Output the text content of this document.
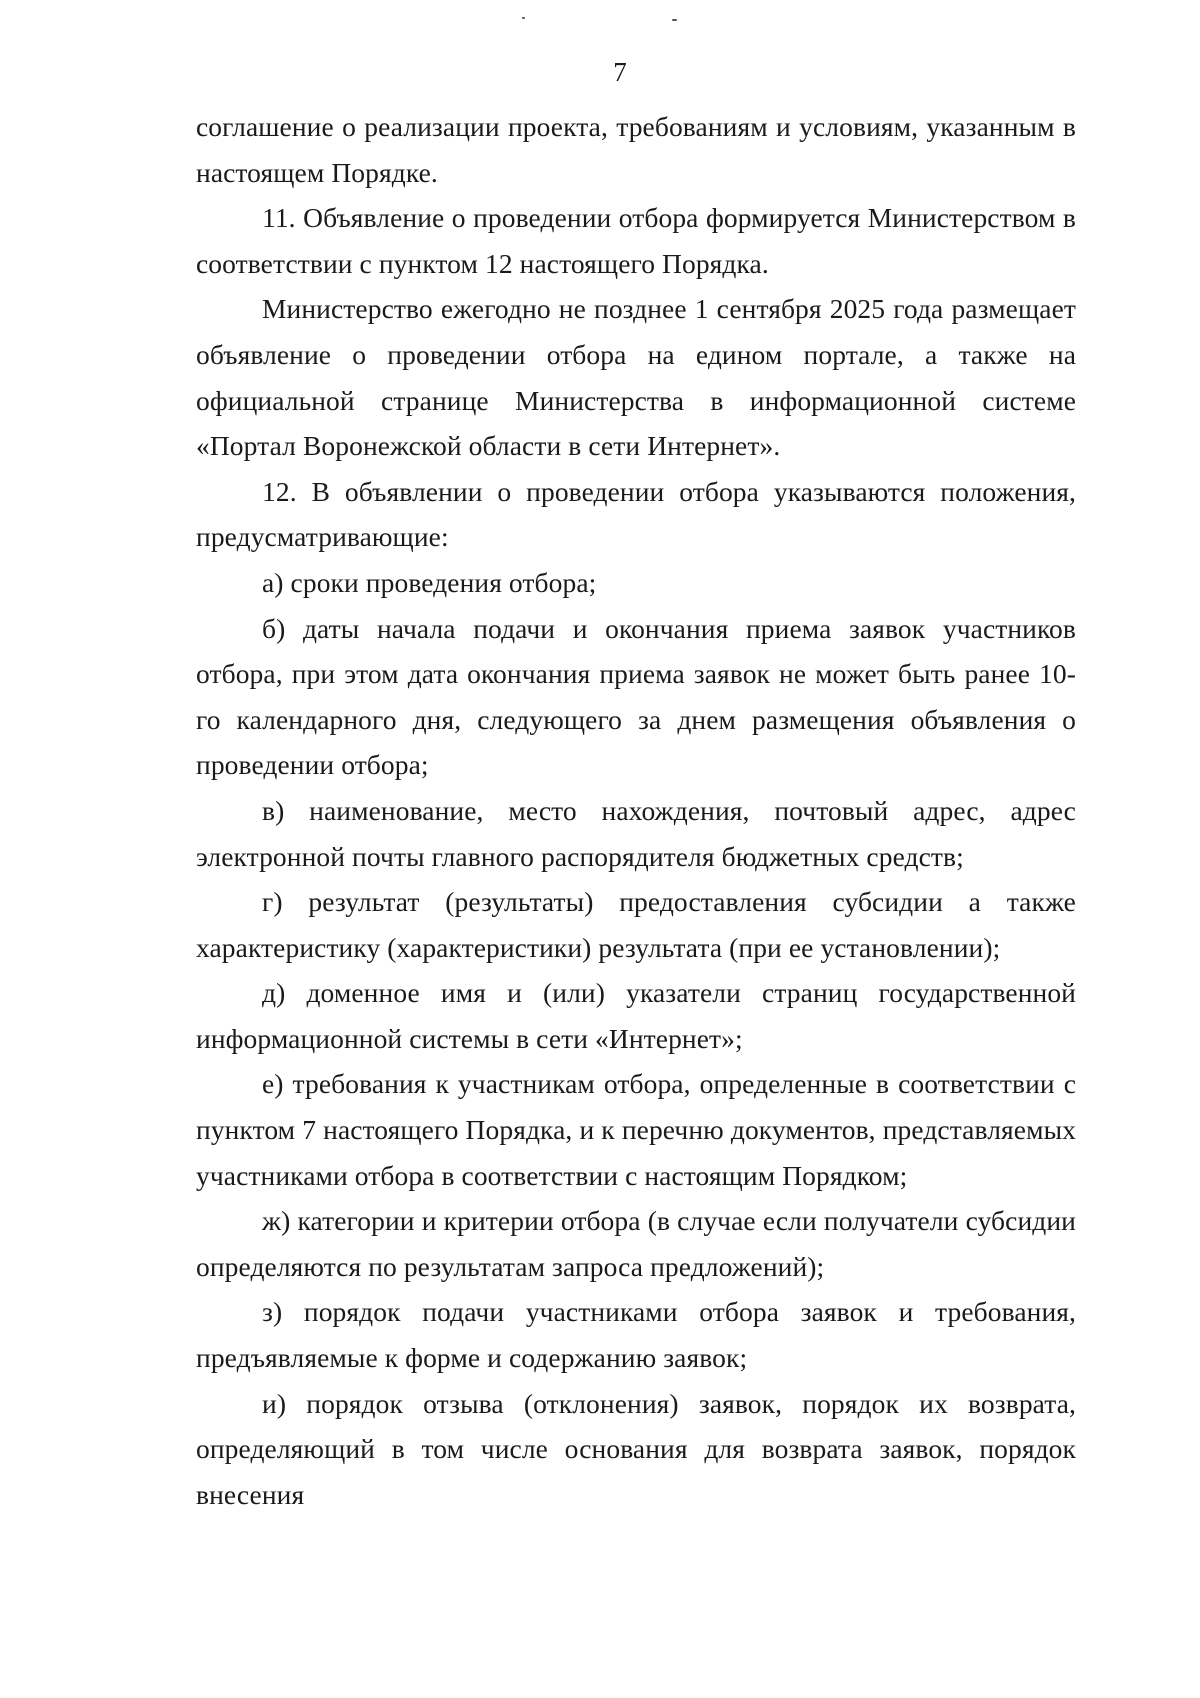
7

соглашение о реализации проекта, требованиям и условиям, указанным в настоящем Порядке.

11. Объявление о проведении отбора формируется Министерством в соответствии с пунктом 12 настоящего Порядка.

Министерство ежегодно не позднее 1 сентября 2025 года размещает объявление о проведении отбора на едином портале, а также на официальной странице Министерства в информационной системе «Портал Воронежской области в сети Интернет».

12. В объявлении о проведении отбора указываются положения, предусматривающие:

а) сроки проведения отбора;

б) даты начала подачи и окончания приема заявок участников отбора, при этом дата окончания приема заявок не может быть ранее 10-го календарного дня, следующего за днем размещения объявления о проведении отбора;

в) наименование, место нахождения, почтовый адрес, адрес электронной почты главного распорядителя бюджетных средств;

г) результат (результаты) предоставления субсидии а также характеристику (характеристики) результата (при ее установлении);

д) доменное имя и (или) указатели страниц государственной информационной системы в сети «Интернет»;

е) требования к участникам отбора, определенные в соответствии с пунктом 7 настоящего Порядка, и к перечню документов, представляемых участниками отбора в соответствии с настоящим Порядком;

ж) категории и критерии отбора (в случае если получатели субсидии определяются по результатам запроса предложений);

з) порядок подачи участниками отбора заявок и требования, предъявляемые к форме и содержанию заявок;

и) порядок отзыва (отклонения) заявок, порядок их возврата, определяющий в том числе основания для возврата заявок, порядок внесения
